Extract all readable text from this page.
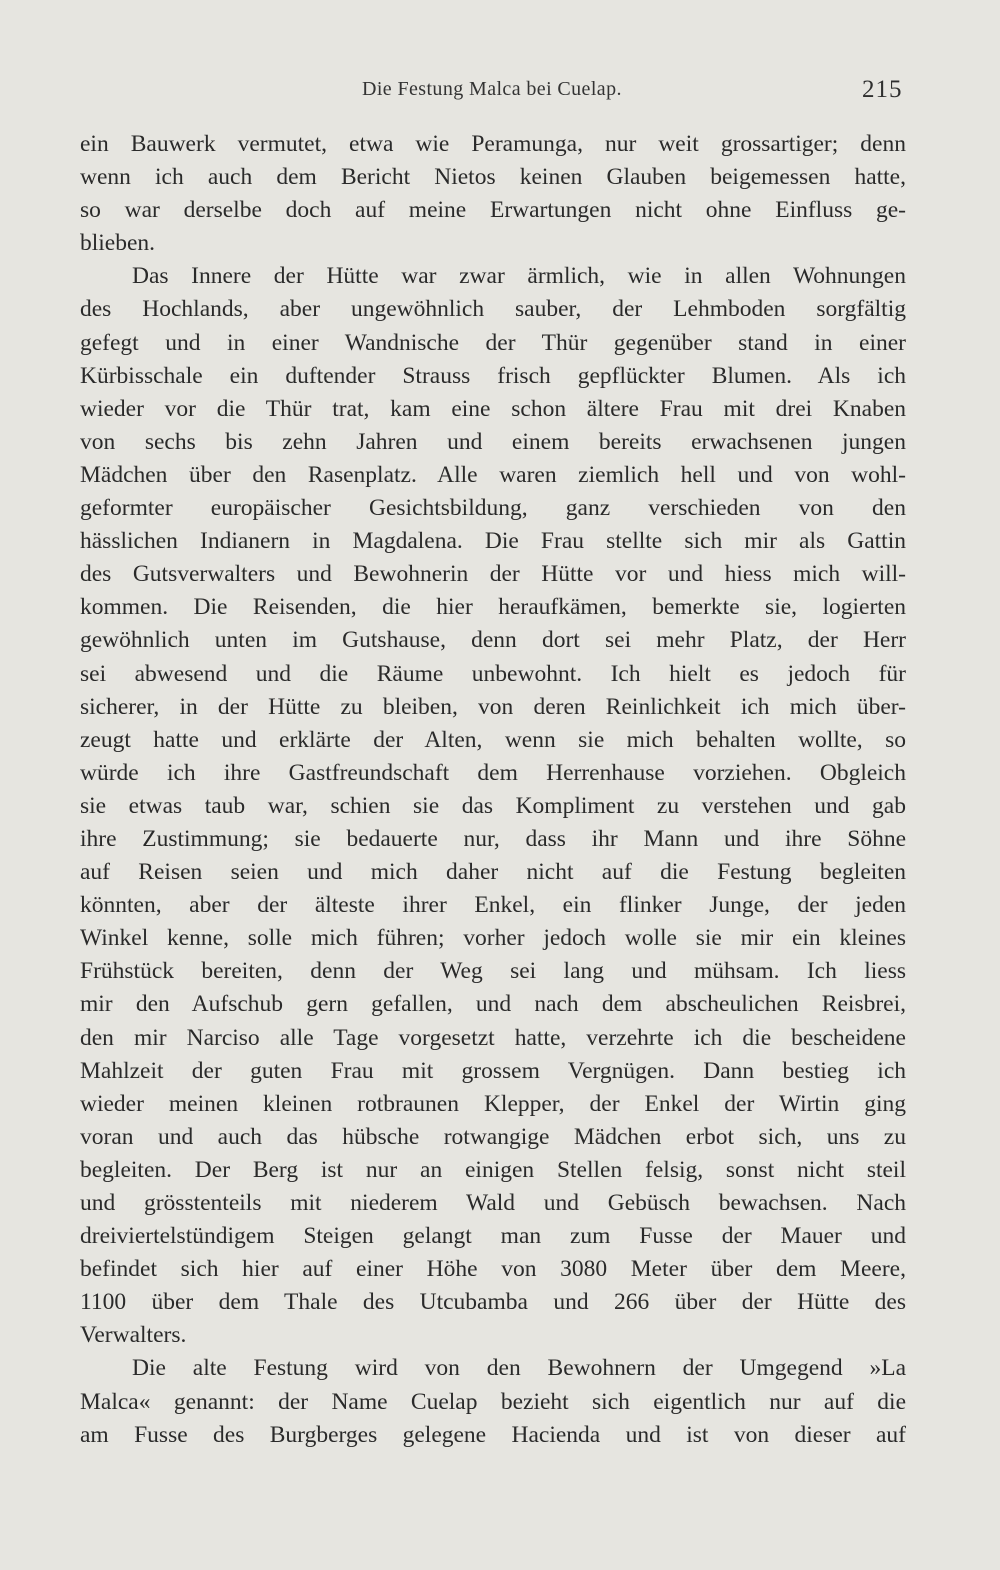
Die Festung Malca bei Cuelap.	215
ein Bauwerk vermutet, etwa wie Peramunga, nur weit grossartiger; denn
wenn ich auch dem Bericht Nietos keinen Glauben beigemessen hatte,
so war derselbe doch auf meine Erwartungen nicht ohne Einfluss ge-
blieben.
Das Innere der Hütte war zwar ärmlich, wie in allen Wohnungen
des Hochlands, aber ungewöhnlich sauber, der Lehmboden sorgfältig
gefegt und in einer Wandnische der Thür gegenüber stand in einer
Kürbisschale ein duftender Strauss frisch gepflückter Blumen. Als ich
wieder vor die Thür trat, kam eine schon ältere Frau mit drei Knaben
von sechs bis zehn Jahren und einem bereits erwachsenen jungen
Mädchen über den Rasenplatz. Alle waren ziemlich hell und von wohl-
geformter europäischer Gesichtsbildung, ganz verschieden von den
hässlichen Indianern in Magdalena. Die Frau stellte sich mir als Gattin
des Gutsverwalters und Bewohnerin der Hütte vor und hiess mich will-
kommen. Die Reisenden, die hier heraufkämen, bemerkte sie, logierten
gewöhnlich unten im Gutshause, denn dort sei mehr Platz, der Herr
sei abwesend und die Räume unbewohnt. Ich hielt es jedoch für
sicherer, in der Hütte zu bleiben, von deren Reinlichkeit ich mich über-
zeugt hatte und erklärte der Alten, wenn sie mich behalten wollte, so
würde ich ihre Gastfreundschaft dem Herrenhause vorziehen. Obgleich
sie etwas taub war, schien sie das Kompliment zu verstehen und gab
ihre Zustimmung; sie bedauerte nur, dass ihr Mann und ihre Söhne
auf Reisen seien und mich daher nicht auf die Festung begleiten
könnten, aber der älteste ihrer Enkel, ein flinker Junge, der jeden
Winkel kenne, solle mich führen; vorher jedoch wolle sie mir ein kleines
Frühstück bereiten, denn der Weg sei lang und mühsam. Ich liess
mir den Aufschub gern gefallen, und nach dem abscheulichen Reisbrei,
den mir Narciso alle Tage vorgesetzt hatte, verzehrte ich die bescheidene
Mahlzeit der guten Frau mit grossem Vergnügen. Dann bestieg ich
wieder meinen kleinen rotbraunen Klepper, der Enkel der Wirtin ging
voran und auch das hübsche rotwangige Mädchen erbot sich, uns zu
begleiten. Der Berg ist nur an einigen Stellen felsig, sonst nicht steil
und grösstenteils mit niederem Wald und Gebüsch bewachsen. Nach
dreiviertelstündigem Steigen gelangt man zum Fusse der Mauer und
befindet sich hier auf einer Höhe von 3080 Meter über dem Meere,
1100 über dem Thale des Utcubamba und 266 über der Hütte des
Verwalters.
Die alte Festung wird von den Bewohnern der Umgegend »La
Malca« genannt: der Name Cuelap bezieht sich eigentlich nur auf die
am Fusse des Burgberges gelegene Hacienda und ist von dieser auf
